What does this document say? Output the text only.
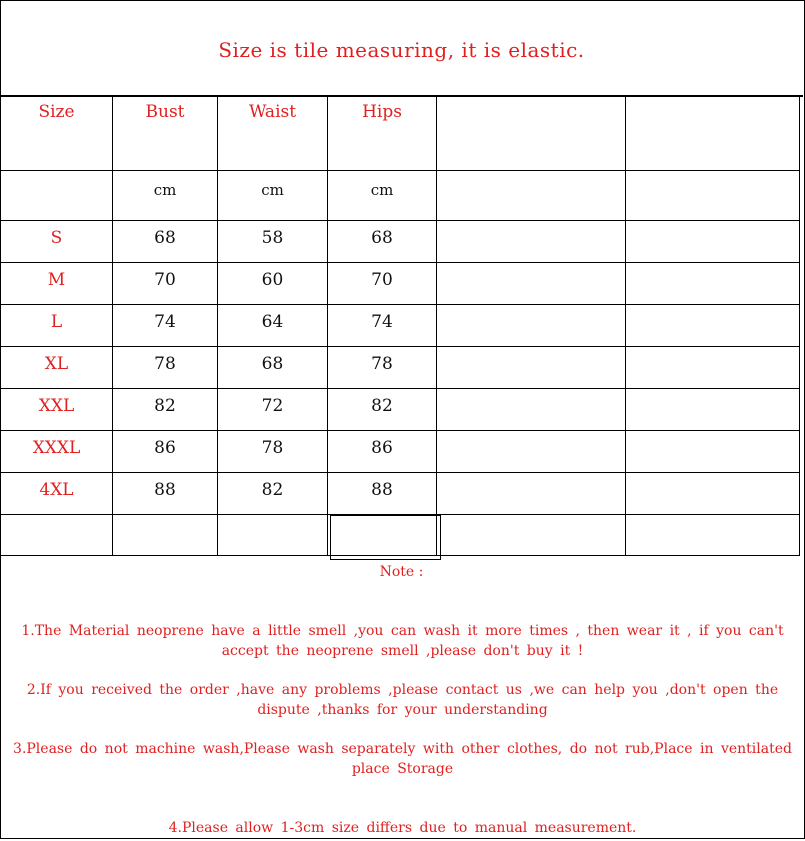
Size is tile measuring, it is elastic.
Size	Bust	Waist	Hips		

	cm	cm	cm		

S	68	58	68		

M	70	60	70		

L	74	64	74		

XL	78	68	78		

XXL	82	72	82		

XXXL	86	78	86		

4XL	88	82	88		

Note :
1.The Material neoprene have a little smell ,you can wash it more times , then wear it , if you can't accept the neoprene smell ,please don't buy it !
2.If you received the order ,have any problems ,please contact us ,we can help you ,don't open the dispute ,thanks for your understanding
3.Please do not machine wash,Please wash separately with other clothes, do not rub,Place in ventilated place Storage
4.Please allow 1-3cm size differs due to manual measurement.
